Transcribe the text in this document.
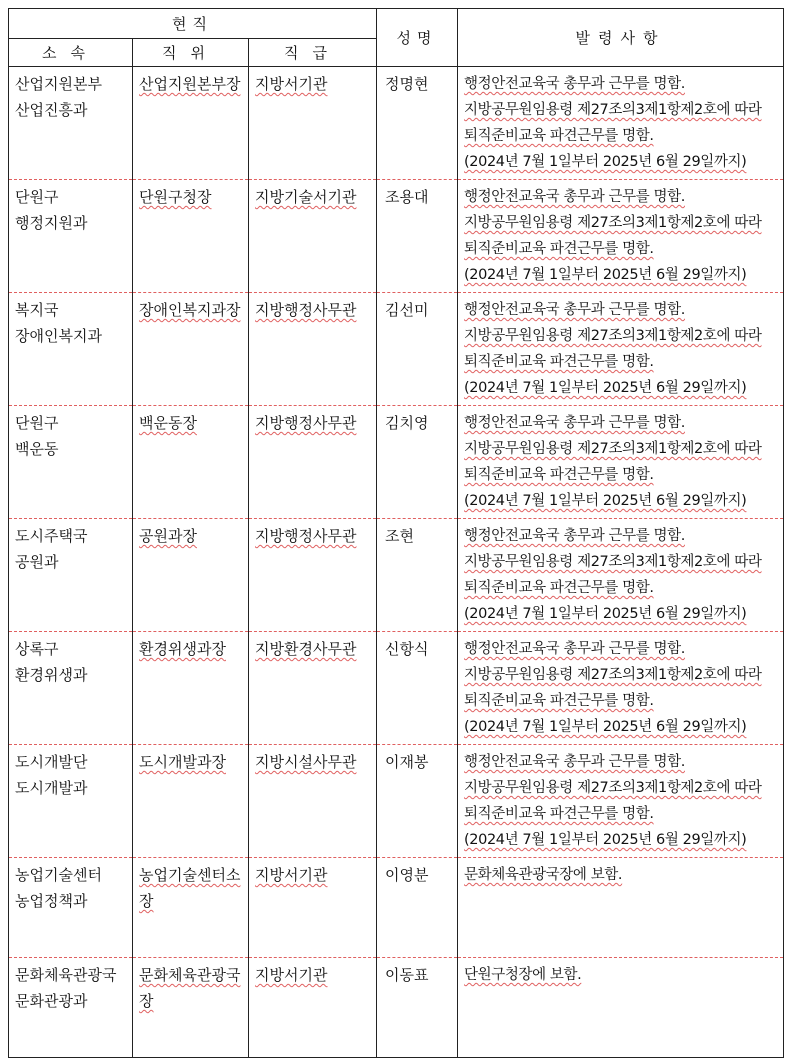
현직			성명	발령사항
소속	직위	직급		

산업지원본부
산업진흥과	산업지원본부장	지방서기관	정명현	행정안전교육국 총무과 근무를 명함.
지방공무원임용령 제27조의3제1항제2호에 따라
퇴직준비교육 파견근무를 명함.
(2024년 7월 1일부터 2025년 6월 29일까지)

단원구
행정지원과	단원구청장	지방기술서기관	조용대	행정안전교육국 총무과 근무를 명함.
지방공무원임용령 제27조의3제1항제2호에 따라
퇴직준비교육 파견근무를 명함.
(2024년 7월 1일부터 2025년 6월 29일까지)

복지국
장애인복지과	장애인복지과장	지방행정사무관	김선미	행정안전교육국 총무과 근무를 명함.
지방공무원임용령 제27조의3제1항제2호에 따라
퇴직준비교육 파견근무를 명함.
(2024년 7월 1일부터 2025년 6월 29일까지)

단원구
백운동	백운동장	지방행정사무관	김치영	행정안전교육국 총무과 근무를 명함.
지방공무원임용령 제27조의3제1항제2호에 따라
퇴직준비교육 파견근무를 명함.
(2024년 7월 1일부터 2025년 6월 29일까지)

도시주택국
공원과	공원과장	지방행정사무관	조현	행정안전교육국 총무과 근무를 명함.
지방공무원임용령 제27조의3제1항제2호에 따라
퇴직준비교육 파견근무를 명함.
(2024년 7월 1일부터 2025년 6월 29일까지)

상록구
환경위생과	환경위생과장	지방환경사무관	신항식	행정안전교육국 총무과 근무를 명함.
지방공무원임용령 제27조의3제1항제2호에 따라
퇴직준비교육 파견근무를 명함.
(2024년 7월 1일부터 2025년 6월 29일까지)

도시개발단
도시개발과	도시개발과장	지방시설사무관	이재봉	행정안전교육국 총무과 근무를 명함.
지방공무원임용령 제27조의3제1항제2호에 따라
퇴직준비교육 파견근무를 명함.
(2024년 7월 1일부터 2025년 6월 29일까지)

농업기술센터
농업정책과	농업기술센터소장	지방서기관	이영분	문화체육관광국장에 보함.

문화체육관광국
문화관광과	문화체육관광국장	지방서기관	이동표	단원구청장에 보함.
